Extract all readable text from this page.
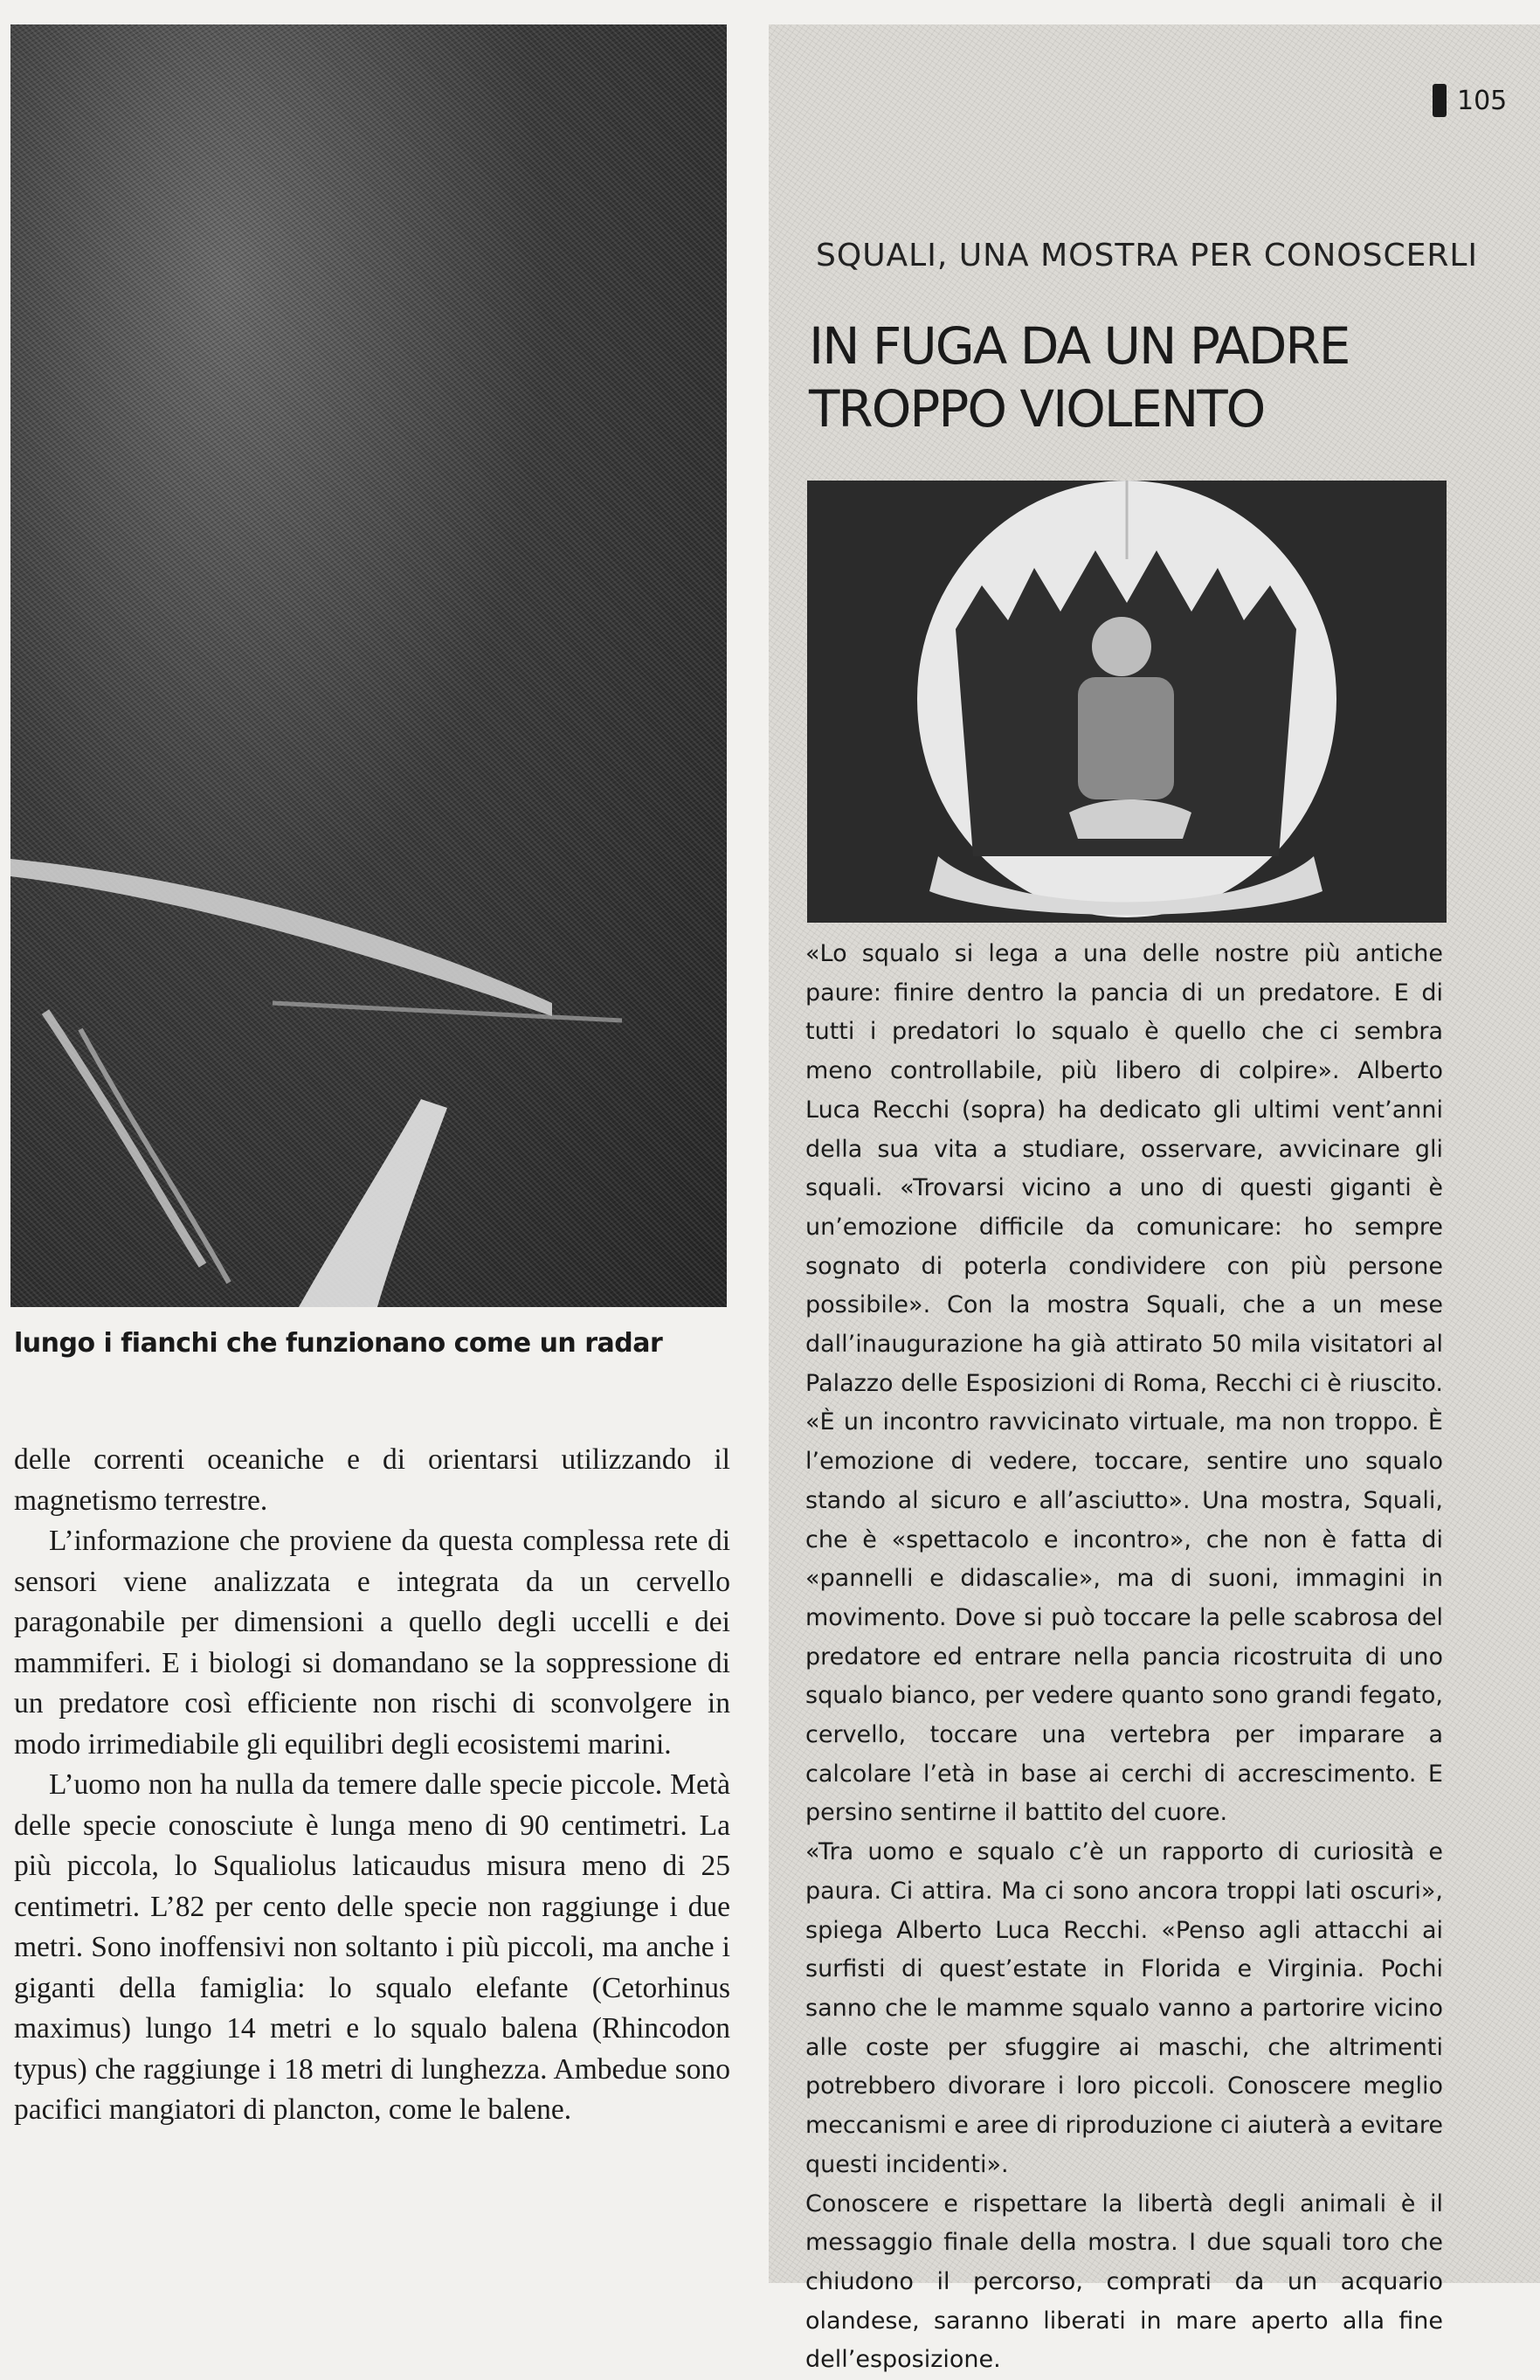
lungo i fianchi che funzionano come un radar

delle correnti oceaniche e di orientarsi utilizzando il magnetismo terrestre.

L’informazione che proviene da questa complessa rete di sensori viene analizzata e integrata da un cervello paragonabile per dimensioni a quello degli uccelli e dei mammiferi. E i biologi si domandano se la soppressione di un predatore così efficiente non rischi di sconvolgere in modo irrimediabile gli equilibri degli ecosistemi marini.

L’uomo non ha nulla da temere dalle specie piccole. Metà delle specie conosciute è lunga meno di 90 centimetri. La più piccola, lo Squaliolus laticaudus misura meno di 25 centimetri. L’82 per cento delle specie non raggiunge i due metri. Sono inoffensivi non soltanto i più piccoli, ma anche i giganti della famiglia: lo squalo elefante (Cetorhinus maximus) lungo 14 metri e lo squalo balena (Rhincodon typus) che raggiunge i 18 metri di lunghezza. Ambedue sono pacifici mangiatori di plancton, come le balene.

105
SQUALI, UNA MOSTRA PER CONOSCERLI
IN FUGA DA UN PADRE
TROPPO VIOLENTO

«Lo squalo si lega a una delle nostre più antiche paure: finire dentro la pancia di un predatore. E di tutti i predatori lo squalo è quello che ci sembra meno controllabile, più libero di colpire». Alberto Luca Recchi (sopra) ha dedicato gli ultimi vent’anni della sua vita a studiare, osservare, avvicinare gli squali. «Trovarsi vicino a uno di questi giganti è un’emozione difficile da comunicare: ho sempre sognato di poterla condividere con più persone possibile». Con la mostra Squali, che a un mese dall’inaugurazione ha già attirato 50 mila visitatori al Palazzo delle Esposizioni di Roma, Recchi ci è riuscito. «È un incontro ravvicinato virtuale, ma non troppo. È l’emozione di vedere, toccare, sentire uno squalo stando al sicuro e all’asciutto». Una mostra, Squali, che è «spettacolo e incontro», che non è fatta di «pannelli e didascalie», ma di suoni, immagini in movimento. Dove si può toccare la pelle scabrosa del predatore ed entrare nella pancia ricostruita di uno squalo bianco, per vedere quanto sono grandi fegato, cervello, toccare una vertebra per imparare a calcolare l’età in base ai cerchi di accrescimento. E persino sentirne il battito del cuore.

«Tra uomo e squalo c’è un rapporto di curiosità e paura. Ci attira. Ma ci sono ancora troppi lati oscuri», spiega Alberto Luca Recchi. «Penso agli attacchi ai surfisti di quest’estate in Florida e Virginia. Pochi sanno che le mamme squalo vanno a partorire vicino alle coste per sfuggire ai maschi, che altrimenti potrebbero divorare i loro piccoli. Conoscere meglio meccanismi e aree di riproduzione ci aiuterà a evitare questi incidenti».

Conoscere e rispettare la libertà degli animali è il messaggio finale della mostra. I due squali toro che chiudono il percorso, comprati da un acquario olandese, saranno liberati in mare aperto alla fine dell’esposizione.
